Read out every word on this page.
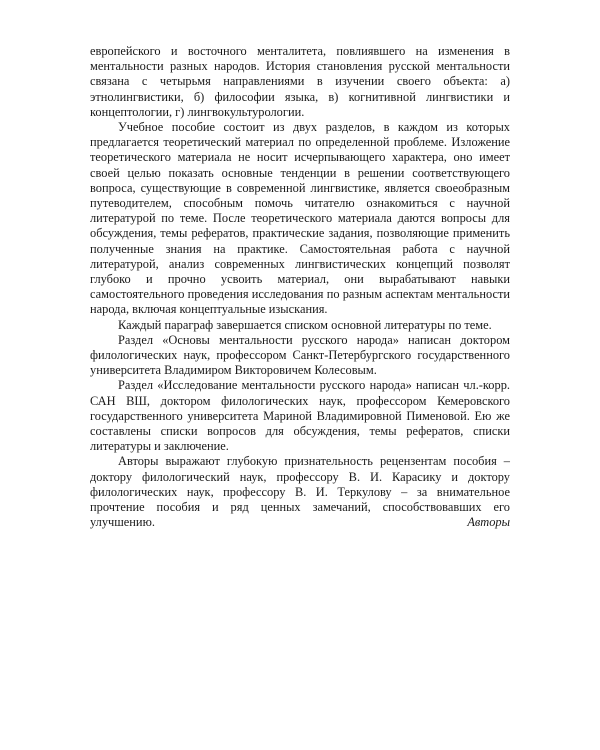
европейского и восточного менталитета, повлиявшего на изменения в ментальности разных народов. История становления русской ментальности связана с четырьмя направлениями в изучении своего объекта: а) этнолингвистики, б) философии языка, в) когнитивной лингвистики и концептологии, г) лингвокультурологии.

Учебное пособие состоит из двух разделов, в каждом из которых предлагается теоретический материал по определенной проблеме. Изложение теоретического материала не носит исчерпывающего характера, оно имеет своей целью показать основные тенденции в решении соответствующего вопроса, существующие в современной лингвистике, является своеобразным путеводителем, способным помочь читателю ознакомиться с научной литературой по теме. После теоретического материала даются вопросы для обсуждения, темы рефератов, практические задания, позволяющие применить полученные знания на практике. Самостоятельная работа с научной литературой, анализ современных лингвистических концепций позволят глубоко и прочно усвоить материал, они вырабатывают навыки самостоятельного проведения исследования по разным аспектам ментальности народа, включая концептуальные изыскания.

Каждый параграф завершается списком основной литературы по теме.

Раздел «Основы ментальности русского народа» написан доктором филологических наук, профессором Санкт-Петербургского государственного университета Владимиром Викторовичем Колесовым.

Раздел «Исследование ментальности русского народа» написан чл.-корр. САН ВШ, доктором филологических наук, профессором Кемеровского государственного университета Мариной Владимировной Пименовой. Ею же составлены списки вопросов для обсуждения, темы рефератов, списки литературы и заключение.

Авторы выражают глубокую признательность рецензентам пособия – доктору филологический наук, профессору В. И. Карасику и доктору филологических наук, профессору В. И. Теркулову – за внимательное прочтение пособия и ряд ценных замечаний, способствовавших его улучшению.	Авторы
